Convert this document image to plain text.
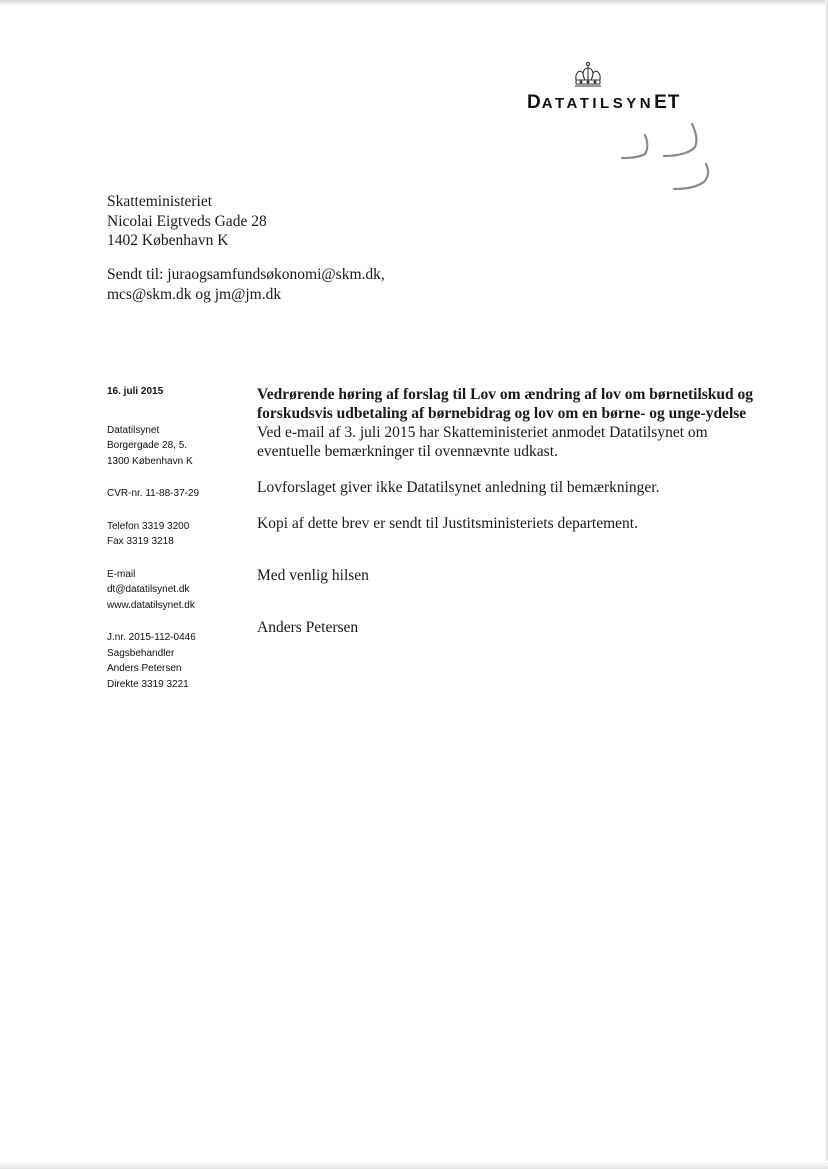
DATATILSYNET
Skatteministeriet
Nicolai Eigtveds Gade 28
1402 København K
Sendt til: juraogsamfundsøkonomi@skm.dk,
mcs@skm.dk og jm@jm.dk
16. juli 2015
Datatilsynet
Borgergade 28, 5.
1300 København K
CVR-nr. 11-88-37-29
Telefon 3319 3200
Fax 3319 3218
E-mail
dt@datatilsynet.dk
www.datatilsynet.dk
J.nr. 2015-112-0446
Sagsbehandler
Anders Petersen
Direkte 3319 3221

Vedrørende høring af forslag til Lov om ændring af lov om børnetilskud og forskudsvis udbetaling af børnebidrag og lov om en børne- og unge-ydelse

Ved e-mail af 3. juli 2015 har Skatteministeriet anmodet Datatilsynet om eventuelle bemærkninger til ovennævnte udkast.

Lovforslaget giver ikke Datatilsynet anledning til bemærkninger.

Kopi af dette brev er sendt til Justitsministeriets departement.

Med venlig hilsen

Anders Petersen
